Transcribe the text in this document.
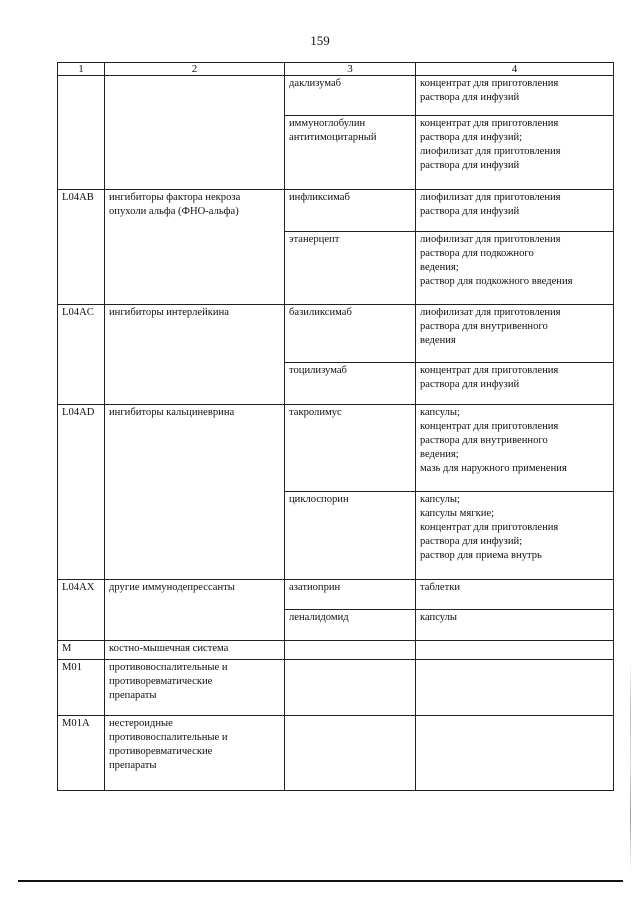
159
1	2	3	4
		даклизумаб	концентрат для приготовления
раствора для инфузий
		иммуноглобулин
антитимоцитарный	концентрат для приготовления
раствора для инфузий;
лиофилизат для приготовления
раствора для инфузий
L04AB	ингибиторы фактора некроза
опухоли альфа (ФНО-альфа)	инфликсимаб	лиофилизат для приготовления
раствора для инфузий
		этанерцепт	лиофилизат для приготовления
раствора для подкожного
ведения;
раствор для подкожного введения
L04AC	ингибиторы интерлейкина	базиликсимаб	лиофилизат для приготовления
раствора для внутривенного
ведения
		тоцилизумаб	концентрат для приготовления
раствора для инфузий
L04AD	ингибиторы кальциневрина	такролимус	капсулы;
концентрат для приготовления
раствора для внутривенного
ведения;
мазь для наружного применения
		циклоспорин	капсулы;
капсулы мягкие;
концентрат для приготовления
раствора для инфузий;
раствор для приема внутрь
L04AX	другие иммунодепрессанты	азатиоприн	таблетки
		леналидомид	капсулы
M	костно-мышечная система		
M01	противовоспалительные и
противоревматические
препараты		
M01A	нестероидные
противовоспалительные и
противоревматические
препараты		
